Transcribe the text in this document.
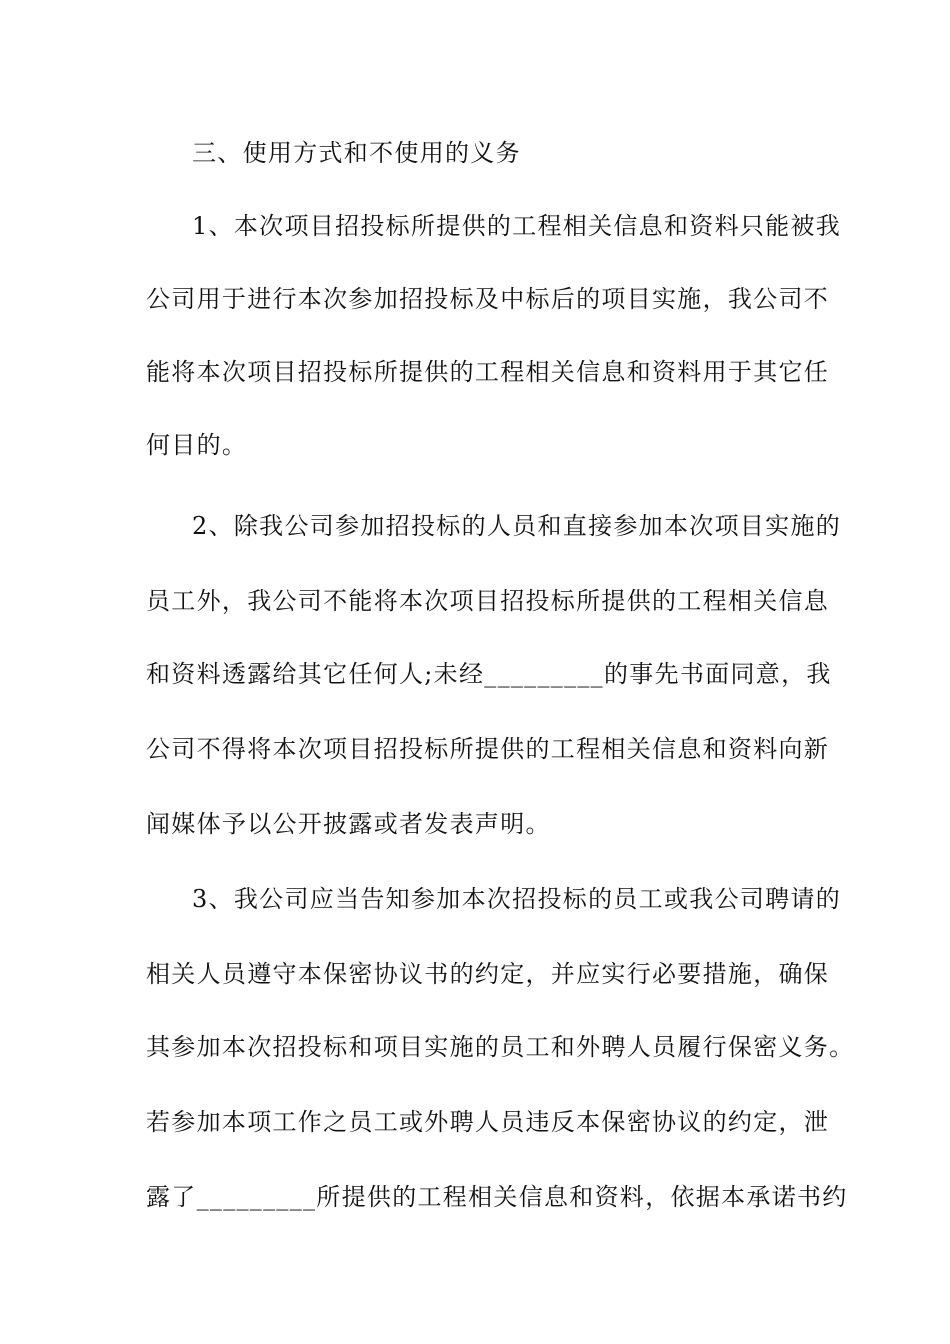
三、使用方式和不使用的义务
1、本次项目招投标所提供的工程相关信息和资料只能被我
公司用于进行本次参加招投标及中标后的项目实施，我公司不
能将本次项目招投标所提供的工程相关信息和资料用于其它任
何目的。
2、除我公司参加招投标的人员和直接参加本次项目实施的
员工外，我公司不能将本次项目招投标所提供的工程相关信息
和资料透露给其它任何人;未经_________的事先书面同意，我
公司不得将本次项目招投标所提供的工程相关信息和资料向新
闻媒体予以公开披露或者发表声明。
3、我公司应当告知参加本次招投标的员工或我公司聘请的
相关人员遵守本保密协议书的约定，并应实行必要措施，确保
其参加本次招投标和项目实施的员工和外聘人员履行保密义务。
若参加本项工作之员工或外聘人员违反本保密协议的约定，泄
露了_________所提供的工程相关信息和资料，依据本承诺书约
